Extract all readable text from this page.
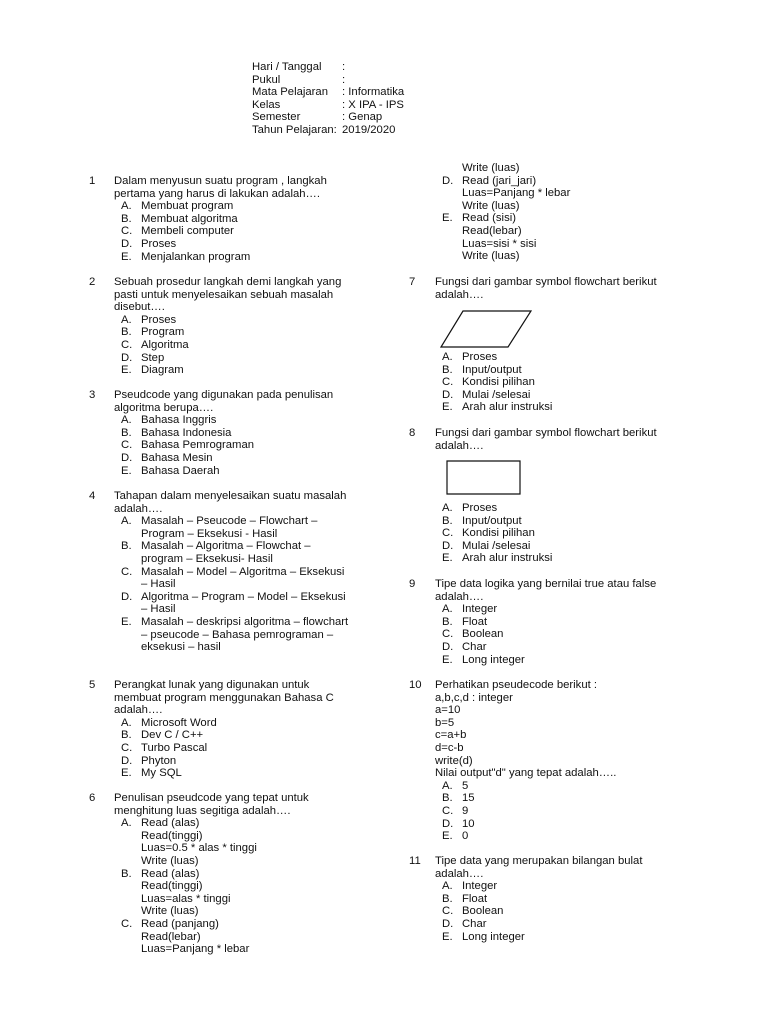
Hari / Tanggal	:
Pukul	:
Mata Pelajaran	: Informatika
Kelas	: X IPA - IPS
Semester	: Genap
Tahun Pelajaran: 2019/2020
1 Dalam menyusun suatu program , langkah
pertama yang harus di lakukan adalah….
A. Membuat program
B. Membuat algoritma
C. Membeli computer
D. Proses
E. Menjalankan program
2 Sebuah prosedur langkah demi langkah yang
pasti untuk menyelesaikan sebuah masalah
disebut….
A. Proses
B. Program
C. Algoritma
D. Step
E. Diagram
3 Pseudcode yang digunakan pada penulisan
algoritma berupa….
A. Bahasa Inggris
B. Bahasa Indonesia
C. Bahasa Pemrograman
D. Bahasa Mesin
E. Bahasa Daerah
4 Tahapan dalam menyelesaikan suatu masalah
adalah….
A. Masalah – Pseucode – Flowchart –
Program – Eksekusi - Hasil
B. Masalah – Algoritma – Flowchat –
program – Eksekusi- Hasil
C. Masalah – Model – Algoritma – Eksekusi
– Hasil
D. Algoritma – Program – Model – Eksekusi
– Hasil
E. Masalah – deskripsi algoritma – flowchart
– pseucode – Bahasa pemrograman –
eksekusi – hasil
5 Perangkat lunak yang digunakan untuk
membuat program menggunakan Bahasa C
adalah….
A. Microsoft Word
B. Dev C / C++
C. Turbo Pascal
D. Phyton
E. My SQL
6 Penulisan pseudcode yang tepat untuk
menghitung luas segitiga adalah….
A. Read (alas)
Read(tinggi)
Luas=0.5 * alas * tinggi
Write (luas)
B. Read (alas)
Read(tinggi)
Luas=alas * tinggi
Write (luas)
C. Read (panjang)
Read(lebar)
Luas=Panjang * lebar
Write (luas)
D. Read (jari_jari)
Luas=Panjang * lebar
Write (luas)
E. Read (sisi)
Read(lebar)
Luas=sisi * sisi
Write (luas)
7 Fungsi dari gambar symbol flowchart berikut
adalah….
A. Proses
B. Input/output
C. Kondisi pilihan
D. Mulai /selesai
E. Arah alur instruksi
8 Fungsi dari gambar symbol flowchart berikut
adalah….
A. Proses
B. Input/output
C. Kondisi pilihan
D. Mulai /selesai
E. Arah alur instruksi
9 Tipe data logika yang bernilai true atau false
adalah….
A. Integer
B. Float
C. Boolean
D. Char
E. Long integer
10 Perhatikan pseudecode berikut :
a,b,c,d : integer
a=10
b=5
c=a+b
d=c-b
write(d)
Nilai output"d" yang tepat adalah…..
A. 5
B. 15
C. 9
D. 10
E. 0
11 Tipe data yang merupakan bilangan bulat
adalah….
A. Integer
B. Float
C. Boolean
D. Char
E. Long integer
